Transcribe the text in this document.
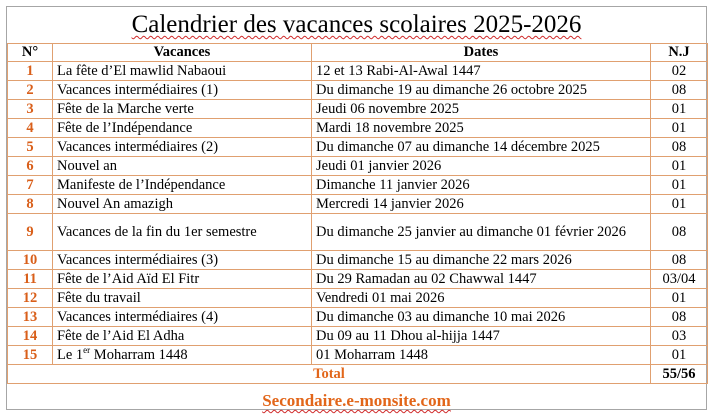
Calendrier des vacances scolaires 2025-2026
N°	Vacances	Dates	N.J
1	La fête d’El mawlid Nabaoui	12 et 13 Rabi-Al-Awal 1447	02
2	Vacances intermédiaires (1)	Du dimanche 19 au dimanche 26 octobre 2025	08
3	Fête de la Marche verte	Jeudi 06 novembre 2025	01
4	Fête de l’Indépendance	Mardi 18 novembre 2025	01
5	Vacances intermédiaires (2)	Du dimanche 07 au dimanche 14 décembre 2025	08
6	Nouvel an	Jeudi 01 janvier 2026	01
7	Manifeste de l’Indépendance	Dimanche 11 janvier 2026	01
8	Nouvel An amazigh	Mercredi 14 janvier 2026	01
9	Vacances de la fin du 1er semestre	Du dimanche 25 janvier au dimanche 01 février 2026	08
10	Vacances intermédiaires (3)	Du dimanche 15 au dimanche 22 mars 2026	08
11	Fête de l’Aid Aïd El Fitr	Du 29 Ramadan au 02 Chawwal 1447	03/04
12	Fête du travail	Vendredi 01 mai 2026	01
13	Vacances intermédiaires (4)	Du dimanche 03 au dimanche 10 mai 2026	08
14	Fête de l’Aid El Adha	Du 09 au 11 Dhou al-hijja 1447	03
15	Le 1er Moharram 1448	01 Moharram 1448	01
Total			55/56
Secondaire.e-monsite.com
